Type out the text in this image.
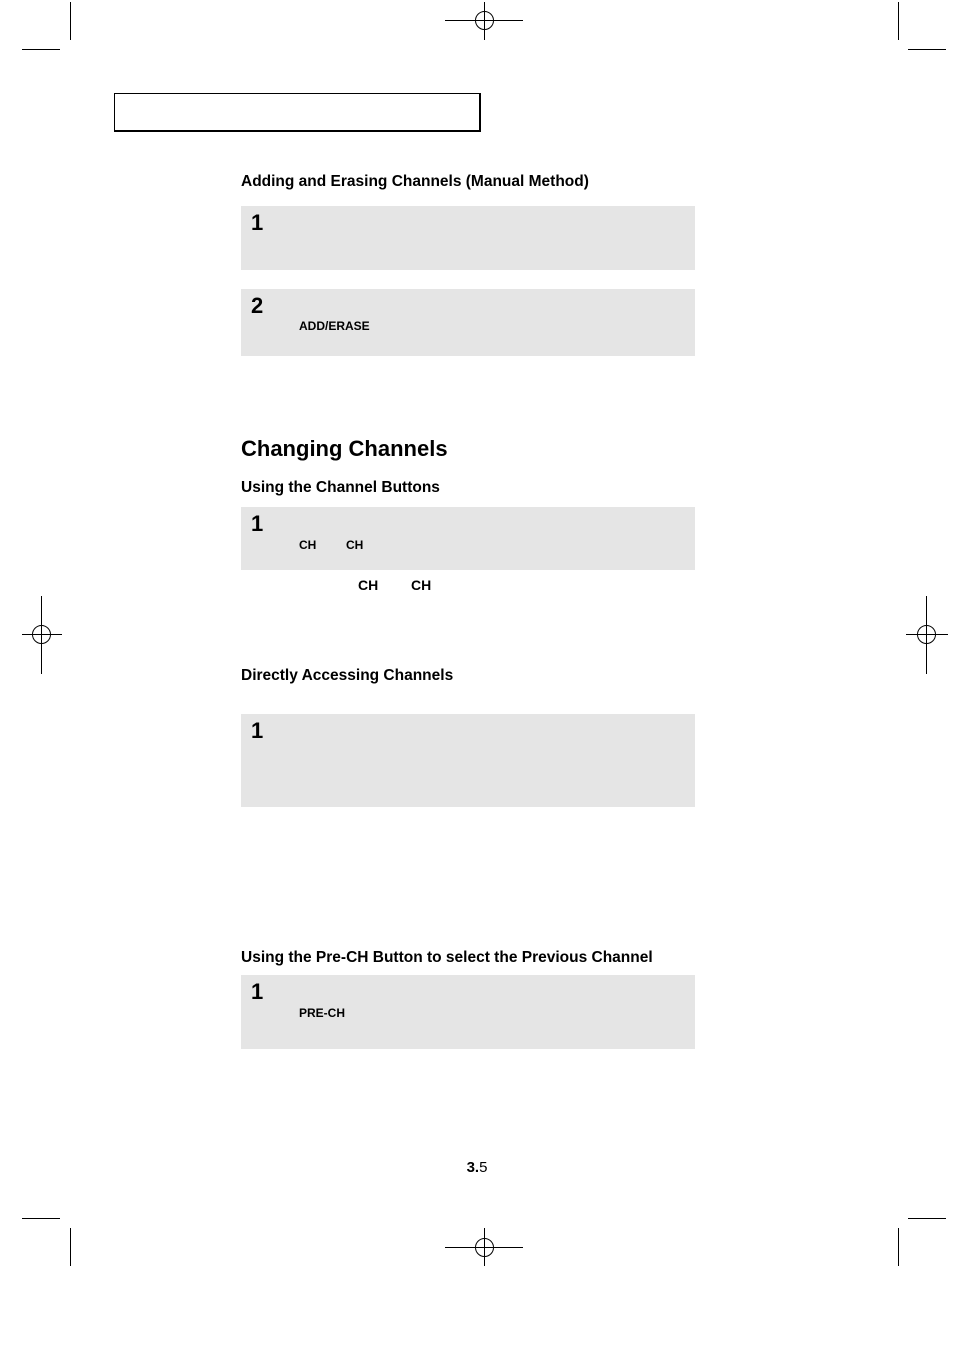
Adding and Erasing Channels (Manual Method)
1
2
ADD/ERASE
Changing Channels
Using the Channel Buttons
1
CH CH
CH CH
Directly Accessing Channels
1
Using the Pre-CH Button to select the Previous Channel
1
PRE-CH
3.5
